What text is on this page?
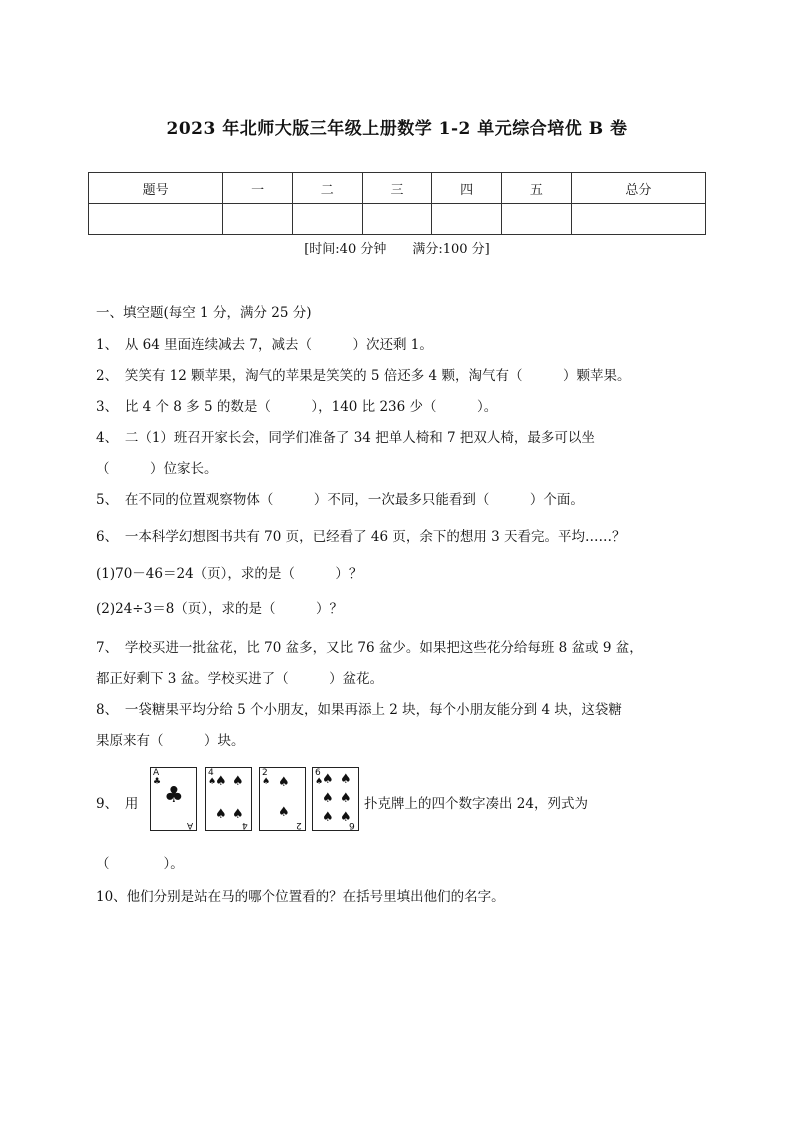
2023 年北师大版三年级上册数学 1-2 单元综合培优 B 卷
题号	一	二	三	四	五	总分

[时间:40 分钟　　满分:100 分]
一、填空题(每空 1 分，满分 25 分)
1、　从 64 里面连续减去 7，减去（　　　）次还剩 1。
2、　笑笑有 12 颗苹果，淘气的苹果是笑笑的 5 倍还多 4 颗，淘气有（　　　）颗苹果。
3、　比 4 个 8 多 5 的数是（　　　），140 比 236 少（　　　）。
4、　二（1）班召开家长会，同学们准备了 34 把单人椅和 7 把双人椅，最多可以坐
（　　　）位家长。
5、　在不同的位置观察物体（　　　）不同，一次最多只能看到（　　　）个面。
6、　一本科学幻想图书共有 70 页，已经看了 46 页，余下的想用 3 天看完。平均……？
(1)70－46＝24（页），求的是（　　　）？
(2)24÷3＝8（页），求的是（　　　）？
7、　学校买进一批盆花，比 70 盆多，又比 76 盆少。如果把这些花分给每班 8 盆或 9 盆，
都正好剩下 3 盆。学校买进了（　　　）盆花。
8、　一袋糖果平均分给 5 个小朋友，如果再添上 2 块，每个小朋友能分到 4 块，这袋糖
果原来有（　　　）块。
9、　用
A
♣
♣
A
4
♠
♠ ♠
♠ ♠
4
2
♠ ♠
♠
2
6
♠
♠ ♠
♠ ♠
♠ ♠
6
扑克牌上的四个数字凑出 24，列式为
（　　　　）。
10、他们分别是站在马的哪个位置看的？在括号里填出他们的名字。
